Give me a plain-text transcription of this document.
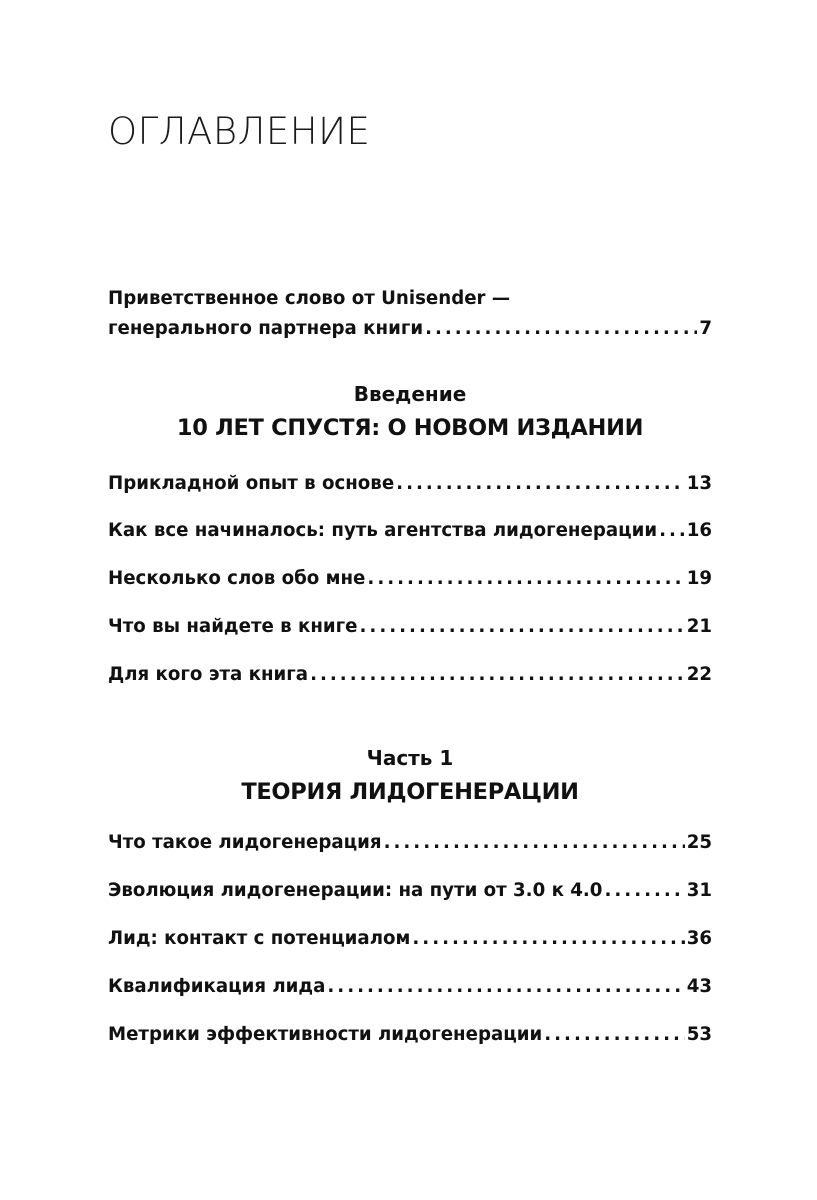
ОГЛАВЛЕНИЕ
Приветственное слово от Unisender —
генерального партнера книги .....	7
Введение
10 ЛЕТ СПУСТЯ: О НОВОМ ИЗДАНИИ
Прикладной опыт в основе .....	13
Как все начиналось: путь агентства лидогенерации ..... 16
Несколько слов обо мне .....	19
Что вы найдете в книге .....	21
Для кого эта книга .....	22
Часть 1
ТЕОРИЯ ЛИДОГЕНЕРАЦИИ
Что такое лидогенерация .....	25
Эволюция лидогенерации: на пути от 3.0 к 4.0 .....	31
Лид: контакт с потенциалом .....	36
Квалификация лида .....	43
Метрики эффективности лидогенерации .....	53
